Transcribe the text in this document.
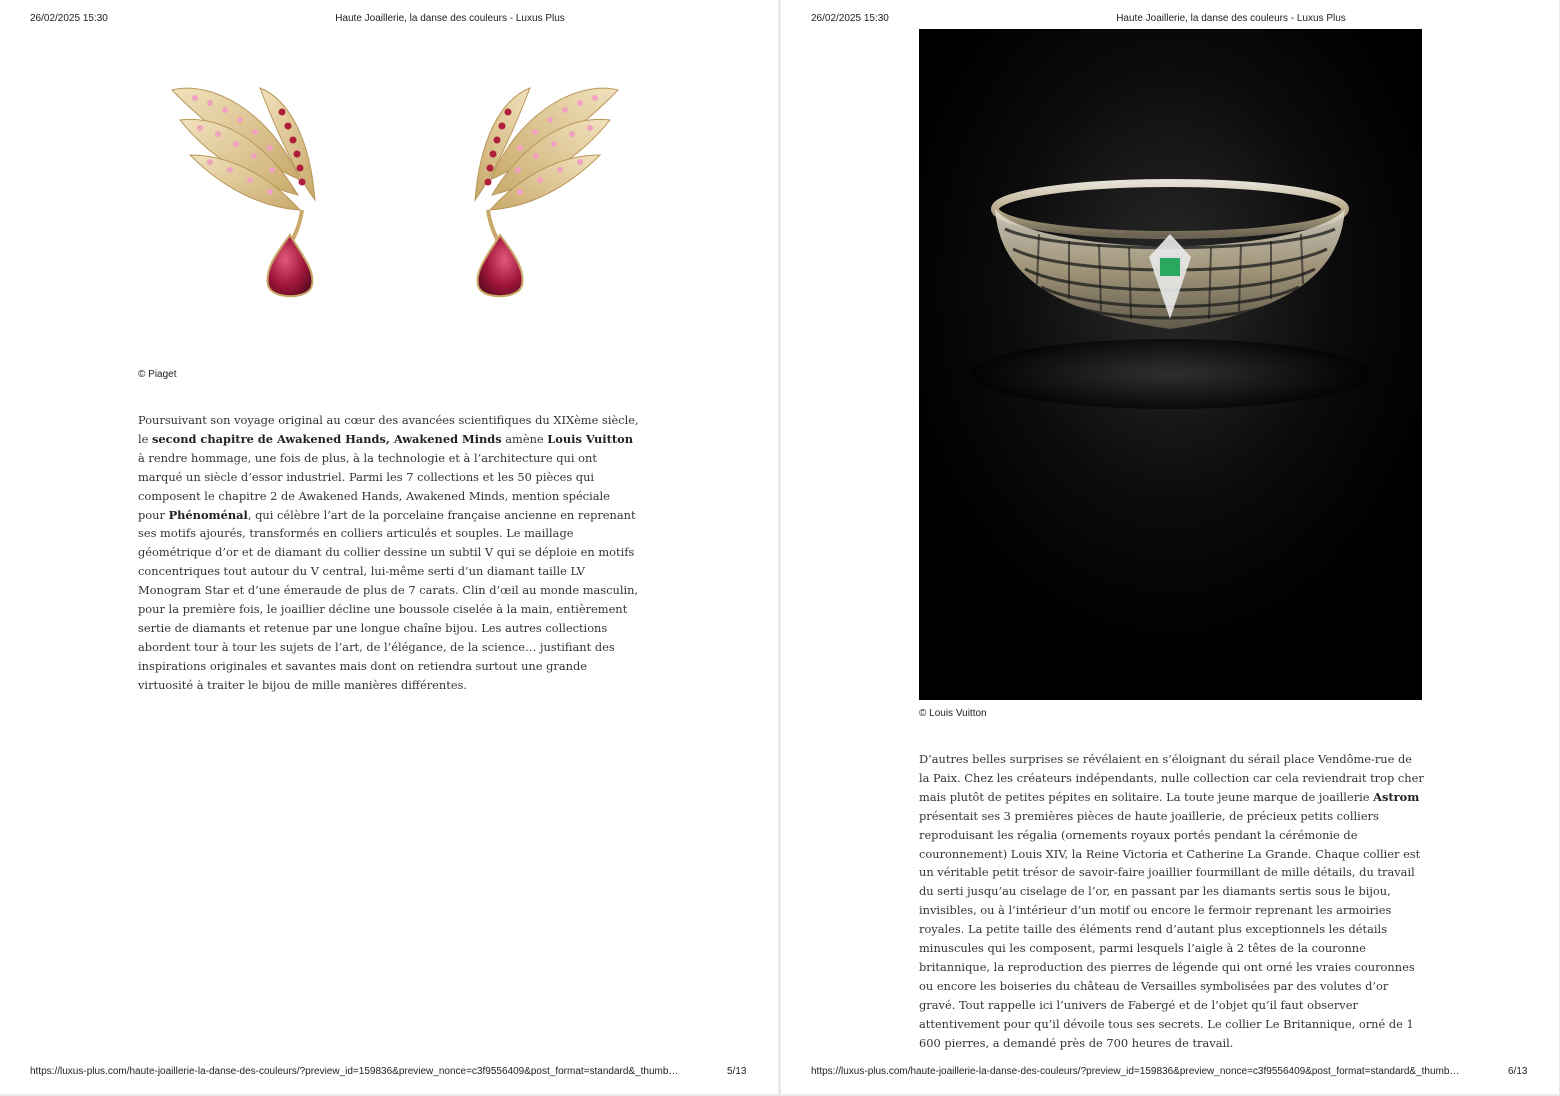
26/02/2025 15:30	Haute Joaillerie, la danse des couleurs - Luxus Plus
© Piaget

Poursuivant son voyage original au cœur des avancées scientifiques du XIXème siècle, le second chapitre de Awakened Hands, Awakened Minds amène Louis Vuitton à rendre hommage, une fois de plus, à la technologie et à l’architecture qui ont marqué un siècle d’essor industriel. Parmi les 7 collections et les 50 pièces qui composent le chapitre 2 de Awakened Hands, Awakened Minds, mention spéciale pour Phénoménal, qui célèbre l’art de la porcelaine française ancienne en reprenant ses motifs ajourés, transformés en colliers articulés et souples. Le maillage géométrique d’or et de diamant du collier dessine un subtil V qui se déploie en motifs concentriques tout autour du V central, lui-même serti d’un diamant taille LV Monogram Star et d’une émeraude de plus de 7 carats. Clin d’œil au monde masculin, pour la première fois, le joaillier décline une boussole ciselée à la main, entièrement sertie de diamants et retenue par une longue chaîne bijou. Les autres collections abordent tour à tour les sujets de l’art, de l’élégance, de la science… justifiant des inspirations originales et savantes mais dont on retiendra surtout une grande virtuosité à traiter le bijou de mille manières différentes.

https://luxus-plus.com/haute-joaillerie-la-danse-des-couleurs/?preview_id=159836&preview_nonce=c3f9556409&post_format=standard&_thumb…	5/13
26/02/2025 15:30	Haute Joaillerie, la danse des couleurs - Luxus Plus
© Louis Vuitton

D’autres belles surprises se révélaient en s’éloignant du sérail place Vendôme-rue de la Paix. Chez les créateurs indépendants, nulle collection car cela reviendrait trop cher mais plutôt de petites pépites en solitaire. La toute jeune marque de joaillerie Astrom présentait ses 3 premières pièces de haute joaillerie, de précieux petits colliers reproduisant les régalia (ornements royaux portés pendant la cérémonie de couronnement) Louis XIV, la Reine Victoria et Catherine La Grande. Chaque collier est un véritable petit trésor de savoir-faire joaillier fourmillant de mille détails, du travail du serti jusqu’au ciselage de l’or, en passant par les diamants sertis sous le bijou, invisibles, ou à l’intérieur d’un motif ou encore le fermoir reprenant les armoiries royales. La petite taille des éléments rend d’autant plus exceptionnels les détails minuscules qui les composent, parmi lesquels l’aigle à 2 têtes de la couronne britannique, la reproduction des pierres de légende qui ont orné les vraies couronnes ou encore les boiseries du château de Versailles symbolisées par des volutes d’or gravé. Tout rappelle ici l’univers de Fabergé et de l’objet qu’il faut observer attentivement pour qu’il dévoile tous ses secrets. Le collier Le Britannique, orné de 1 600 pierres, a demandé près de 700 heures de travail.

https://luxus-plus.com/haute-joaillerie-la-danse-des-couleurs/?preview_id=159836&preview_nonce=c3f9556409&post_format=standard&_thumb…	6/13
